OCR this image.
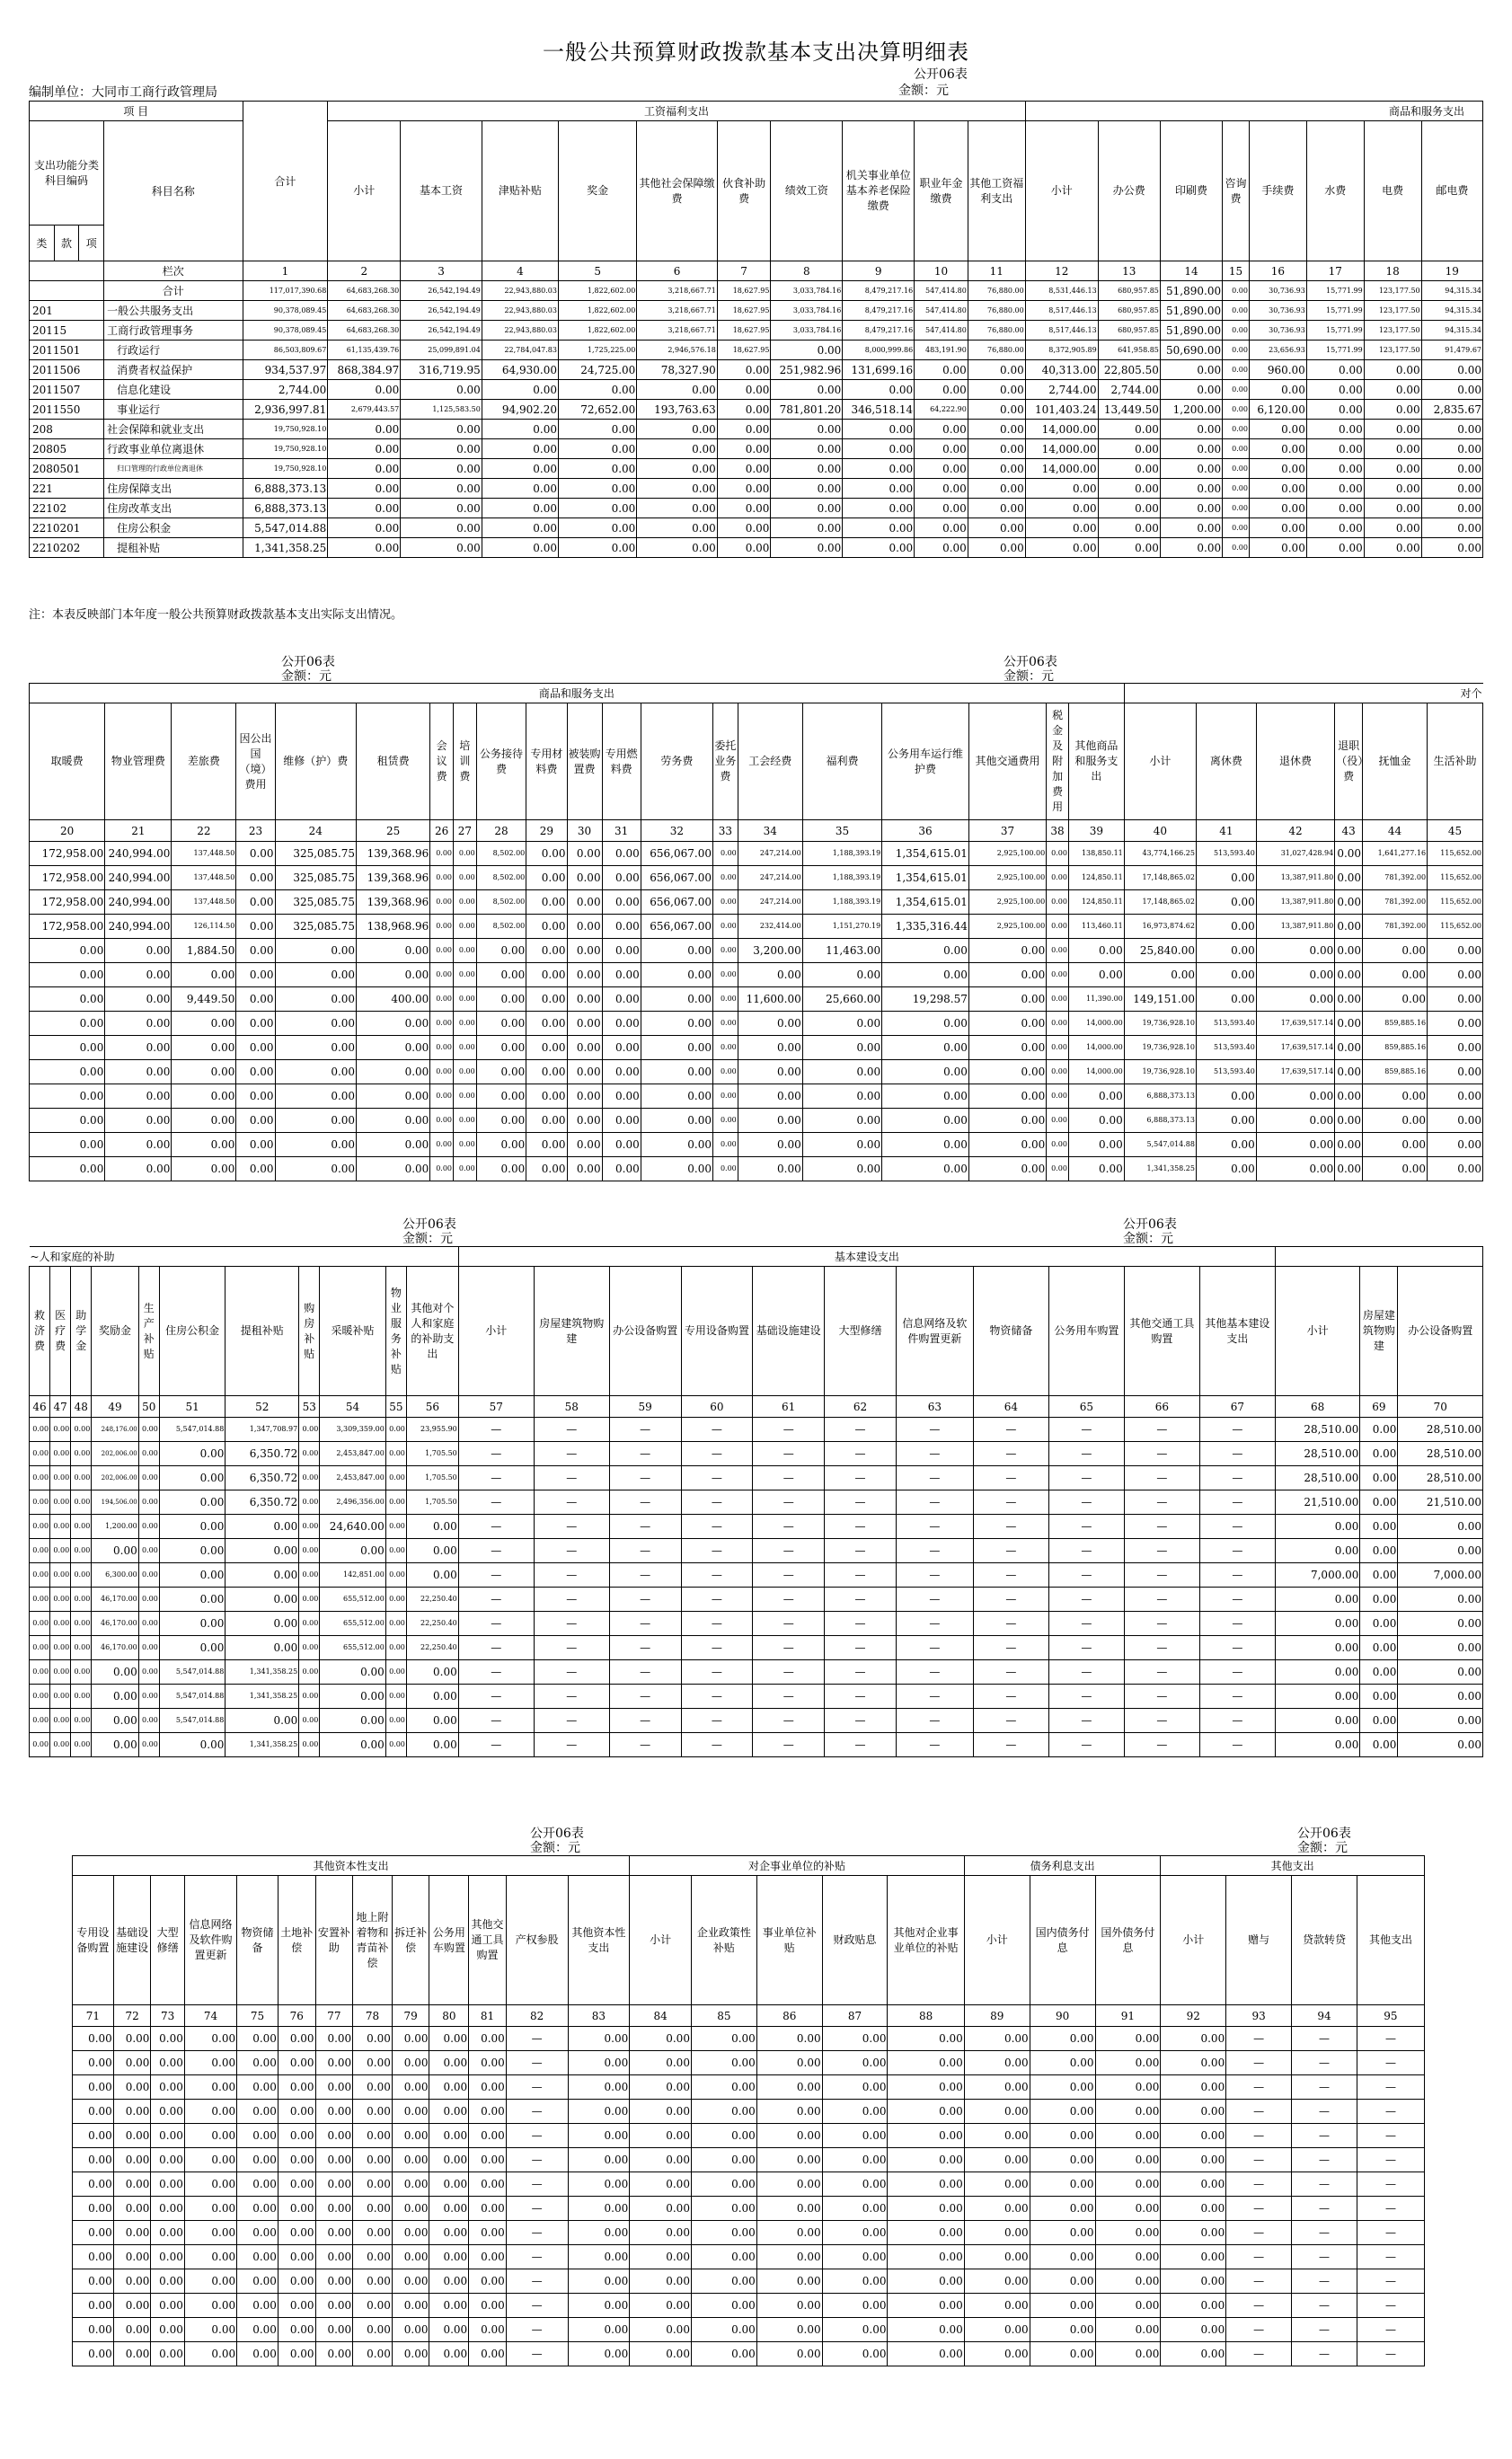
一般公共预算财政拨款基本支出决算明细表
编制单位：大同市工商行政管理局
公开06表
金额：元
项 目				合计	工资福利支出										商品和服务支出							
支出功能分类科目编码			科目名称		小计	基本工资	津贴补贴	奖金	其他社会保障缴费	伙食补助费	绩效工资	机关事业单位基本养老保险缴费	职业年金缴费	其他工资福利支出	小计	办公费	印刷费	咨询费	手续费	水费	电费	邮电费
类	款	项																				
			栏次	1	2	3	4	5	6	7	8	9	10	11	12	13	14	15	16	17	18	19
			合计	117,017,390.68	64,683,268.30	26,542,194.49	22,943,880.03	1,822,602.00	3,218,667.71	18,627.95	3,033,784.16	8,479,217.16	547,414.80	76,880.00	8,531,446.13	680,957.85	51,890.00	0.00	30,736.93	15,771.99	123,177.50	94,315.34
201			一般公共服务支出	90,378,089.45	64,683,268.30	26,542,194.49	22,943,880.03	1,822,602.00	3,218,667.71	18,627.95	3,033,784.16	8,479,217.16	547,414.80	76,880.00	8,517,446.13	680,957.85	51,890.00	0.00	30,736.93	15,771.99	123,177.50	94,315.34
20115			工商行政管理事务	90,378,089.45	64,683,268.30	26,542,194.49	22,943,880.03	1,822,602.00	3,218,667.71	18,627.95	3,033,784.16	8,479,217.16	547,414.80	76,880.00	8,517,446.13	680,957.85	51,890.00	0.00	30,736.93	15,771.99	123,177.50	94,315.34
2011501			行政运行	86,503,809.67	61,135,439.76	25,099,891.04	22,784,047.83	1,725,225.00	2,946,576.18	18,627.95	0.00	8,000,999.86	483,191.90	76,880.00	8,372,905.89	641,958.85	50,690.00	0.00	23,656.93	15,771.99	123,177.50	91,479.67
2011506			消费者权益保护	934,537.97	868,384.97	316,719.95	64,930.00	24,725.00	78,327.90	0.00	251,982.96	131,699.16	0.00	0.00	40,313.00	22,805.50	0.00	0.00	960.00	0.00	0.00	0.00
2011507			信息化建设	2,744.00	0.00	0.00	0.00	0.00	0.00	0.00	0.00	0.00	0.00	0.00	2,744.00	2,744.00	0.00	0.00	0.00	0.00	0.00	0.00
2011550			事业运行	2,936,997.81	2,679,443.57	1,125,583.50	94,902.20	72,652.00	193,763.63	0.00	781,801.20	346,518.14	64,222.90	0.00	101,403.24	13,449.50	1,200.00	0.00	6,120.00	0.00	0.00	2,835.67
208			社会保障和就业支出	19,750,928.10	0.00	0.00	0.00	0.00	0.00	0.00	0.00	0.00	0.00	0.00	14,000.00	0.00	0.00	0.00	0.00	0.00	0.00	0.00
20805			行政事业单位离退休	19,750,928.10	0.00	0.00	0.00	0.00	0.00	0.00	0.00	0.00	0.00	0.00	14,000.00	0.00	0.00	0.00	0.00	0.00	0.00	0.00
2080501			归口管理的行政单位离退休	19,750,928.10	0.00	0.00	0.00	0.00	0.00	0.00	0.00	0.00	0.00	0.00	14,000.00	0.00	0.00	0.00	0.00	0.00	0.00	0.00
221			住房保障支出	6,888,373.13	0.00	0.00	0.00	0.00	0.00	0.00	0.00	0.00	0.00	0.00	0.00	0.00	0.00	0.00	0.00	0.00	0.00	0.00
22102			住房改革支出	6,888,373.13	0.00	0.00	0.00	0.00	0.00	0.00	0.00	0.00	0.00	0.00	0.00	0.00	0.00	0.00	0.00	0.00	0.00	0.00
2210201			住房公积金	5,547,014.88	0.00	0.00	0.00	0.00	0.00	0.00	0.00	0.00	0.00	0.00	0.00	0.00	0.00	0.00	0.00	0.00	0.00	0.00
2210202			提租补贴	1,341,358.25	0.00	0.00	0.00	0.00	0.00	0.00	0.00	0.00	0.00	0.00	0.00	0.00	0.00	0.00	0.00	0.00	0.00	0.00
注：本表反映部门本年度一般公共预算财政拨款基本支出实际支出情况。
公开06表
金额：元
公开06表
金额：元
商品和服务支出																				对个					
取暖费	物业管理费	差旅费	因公出国（境）费用	维修（护）费	租赁费	会议费	培训费	公务接待费	专用材料费	被装购置费	专用燃料费	劳务费	委托业务费	工会经费	福利费	公务用车运行维护费	其他交通费用	税金及附加费用	其他商品和服务支出	小计	离休费	退休费	退职（役）费	抚恤金	生活补助
20	21	22	23	24	25	26	27	28	29	30	31	32	33	34	35	36	37	38	39	40	41	42	43	44	45
172,958.00	240,994.00	137,448.50	0.00	325,085.75	139,368.96	0.00	0.00	8,502.00	0.00	0.00	0.00	656,067.00	0.00	247,214.00	1,188,393.19	1,354,615.01	2,925,100.00	0.00	138,850.11	43,774,166.25	513,593.40	31,027,428.94	0.00	1,641,277.16	115,652.00
172,958.00	240,994.00	137,448.50	0.00	325,085.75	139,368.96	0.00	0.00	8,502.00	0.00	0.00	0.00	656,067.00	0.00	247,214.00	1,188,393.19	1,354,615.01	2,925,100.00	0.00	124,850.11	17,148,865.02	0.00	13,387,911.80	0.00	781,392.00	115,652.00
172,958.00	240,994.00	137,448.50	0.00	325,085.75	139,368.96	0.00	0.00	8,502.00	0.00	0.00	0.00	656,067.00	0.00	247,214.00	1,188,393.19	1,354,615.01	2,925,100.00	0.00	124,850.11	17,148,865.02	0.00	13,387,911.80	0.00	781,392.00	115,652.00
172,958.00	240,994.00	126,114.50	0.00	325,085.75	138,968.96	0.00	0.00	8,502.00	0.00	0.00	0.00	656,067.00	0.00	232,414.00	1,151,270.19	1,335,316.44	2,925,100.00	0.00	113,460.11	16,973,874.62	0.00	13,387,911.80	0.00	781,392.00	115,652.00
0.00	0.00	1,884.50	0.00	0.00	0.00	0.00	0.00	0.00	0.00	0.00	0.00	0.00	0.00	3,200.00	11,463.00	0.00	0.00	0.00	0.00	25,840.00	0.00	0.00	0.00	0.00	0.00
0.00	0.00	0.00	0.00	0.00	0.00	0.00	0.00	0.00	0.00	0.00	0.00	0.00	0.00	0.00	0.00	0.00	0.00	0.00	0.00	0.00	0.00	0.00	0.00	0.00	0.00
0.00	0.00	9,449.50	0.00	0.00	400.00	0.00	0.00	0.00	0.00	0.00	0.00	0.00	0.00	11,600.00	25,660.00	19,298.57	0.00	0.00	11,390.00	149,151.00	0.00	0.00	0.00	0.00	0.00
0.00	0.00	0.00	0.00	0.00	0.00	0.00	0.00	0.00	0.00	0.00	0.00	0.00	0.00	0.00	0.00	0.00	0.00	0.00	14,000.00	19,736,928.10	513,593.40	17,639,517.14	0.00	859,885.16	0.00
0.00	0.00	0.00	0.00	0.00	0.00	0.00	0.00	0.00	0.00	0.00	0.00	0.00	0.00	0.00	0.00	0.00	0.00	0.00	14,000.00	19,736,928.10	513,593.40	17,639,517.14	0.00	859,885.16	0.00
0.00	0.00	0.00	0.00	0.00	0.00	0.00	0.00	0.00	0.00	0.00	0.00	0.00	0.00	0.00	0.00	0.00	0.00	0.00	14,000.00	19,736,928.10	513,593.40	17,639,517.14	0.00	859,885.16	0.00
0.00	0.00	0.00	0.00	0.00	0.00	0.00	0.00	0.00	0.00	0.00	0.00	0.00	0.00	0.00	0.00	0.00	0.00	0.00	0.00	6,888,373.13	0.00	0.00	0.00	0.00	0.00
0.00	0.00	0.00	0.00	0.00	0.00	0.00	0.00	0.00	0.00	0.00	0.00	0.00	0.00	0.00	0.00	0.00	0.00	0.00	0.00	6,888,373.13	0.00	0.00	0.00	0.00	0.00
0.00	0.00	0.00	0.00	0.00	0.00	0.00	0.00	0.00	0.00	0.00	0.00	0.00	0.00	0.00	0.00	0.00	0.00	0.00	0.00	5,547,014.88	0.00	0.00	0.00	0.00	0.00
0.00	0.00	0.00	0.00	0.00	0.00	0.00	0.00	0.00	0.00	0.00	0.00	0.00	0.00	0.00	0.00	0.00	0.00	0.00	0.00	1,341,358.25	0.00	0.00	0.00	0.00	0.00
公开06表
金额：元
公开06表
金额：元
~人和家庭的补助											基本建设支出													
救济费	医疗费	助学金	奖励金	生产补贴	住房公积金	提租补贴	购房补贴	采暖补贴	物业服务补贴	其他对个人和家庭的补助支出	小计	房屋建筑物购建	办公设备购置	专用设备购置	基础设施建设	大型修缮	信息网络及软件购置更新	物资储备	公务用车购置	其他交通工具购置	其他基本建设支出	小计	房屋建筑物购建	办公设备购置
46	47	48	49	50	51	52	53	54	55	56	57	58	59	60	61	62	63	64	65	66	67	68	69	70
0.00	0.00	0.00	248,176.00	0.00	5,547,014.88	1,347,708.97	0.00	3,309,359.00	0.00	23,955.90	—	—	—	—	—	—	—	—	—	—	—	28,510.00	0.00	28,510.00
0.00	0.00	0.00	202,006.00	0.00	0.00	6,350.72	0.00	2,453,847.00	0.00	1,705.50	—	—	—	—	—	—	—	—	—	—	—	28,510.00	0.00	28,510.00
0.00	0.00	0.00	202,006.00	0.00	0.00	6,350.72	0.00	2,453,847.00	0.00	1,705.50	—	—	—	—	—	—	—	—	—	—	—	28,510.00	0.00	28,510.00
0.00	0.00	0.00	194,506.00	0.00	0.00	6,350.72	0.00	2,496,356.00	0.00	1,705.50	—	—	—	—	—	—	—	—	—	—	—	21,510.00	0.00	21,510.00
0.00	0.00	0.00	1,200.00	0.00	0.00	0.00	0.00	24,640.00	0.00	0.00	—	—	—	—	—	—	—	—	—	—	—	0.00	0.00	0.00
0.00	0.00	0.00	0.00	0.00	0.00	0.00	0.00	0.00	0.00	0.00	—	—	—	—	—	—	—	—	—	—	—	0.00	0.00	0.00
0.00	0.00	0.00	6,300.00	0.00	0.00	0.00	0.00	142,851.00	0.00	0.00	—	—	—	—	—	—	—	—	—	—	—	7,000.00	0.00	7,000.00
0.00	0.00	0.00	46,170.00	0.00	0.00	0.00	0.00	655,512.00	0.00	22,250.40	—	—	—	—	—	—	—	—	—	—	—	0.00	0.00	0.00
0.00	0.00	0.00	46,170.00	0.00	0.00	0.00	0.00	655,512.00	0.00	22,250.40	—	—	—	—	—	—	—	—	—	—	—	0.00	0.00	0.00
0.00	0.00	0.00	46,170.00	0.00	0.00	0.00	0.00	655,512.00	0.00	22,250.40	—	—	—	—	—	—	—	—	—	—	—	0.00	0.00	0.00
0.00	0.00	0.00	0.00	0.00	5,547,014.88	1,341,358.25	0.00	0.00	0.00	0.00	—	—	—	—	—	—	—	—	—	—	—	0.00	0.00	0.00
0.00	0.00	0.00	0.00	0.00	5,547,014.88	1,341,358.25	0.00	0.00	0.00	0.00	—	—	—	—	—	—	—	—	—	—	—	0.00	0.00	0.00
0.00	0.00	0.00	0.00	0.00	5,547,014.88	0.00	0.00	0.00	0.00	0.00	—	—	—	—	—	—	—	—	—	—	—	0.00	0.00	0.00
0.00	0.00	0.00	0.00	0.00	0.00	1,341,358.25	0.00	0.00	0.00	0.00	—	—	—	—	—	—	—	—	—	—	—	0.00	0.00	0.00
公开06表
金额：元
公开06表
金额：元
其他资本性支出													对企事业单位的补贴					债务利息支出			其他支出			
专用设备购置	基础设施建设	大型修缮	信息网络及软件购置更新	物资储备	土地补偿	安置补助	地上附着物和青苗补偿	拆迁补偿	公务用车购置	其他交通工具购置	产权参股	其他资本性支出	小计	企业政策性补贴	事业单位补贴	财政贴息	其他对企业事业单位的补贴	小计	国内债务付息	国外债务付息	小计	赠与	贷款转贷	其他支出
71	72	73	74	75	76	77	78	79	80	81	82	83	84	85	86	87	88	89	90	91	92	93	94	95
0.00	0.00	0.00	0.00	0.00	0.00	0.00	0.00	0.00	0.00	0.00	—	0.00	0.00	0.00	0.00	0.00	0.00	0.00	0.00	0.00	0.00	—	—	—
0.00	0.00	0.00	0.00	0.00	0.00	0.00	0.00	0.00	0.00	0.00	—	0.00	0.00	0.00	0.00	0.00	0.00	0.00	0.00	0.00	0.00	—	—	—
0.00	0.00	0.00	0.00	0.00	0.00	0.00	0.00	0.00	0.00	0.00	—	0.00	0.00	0.00	0.00	0.00	0.00	0.00	0.00	0.00	0.00	—	—	—
0.00	0.00	0.00	0.00	0.00	0.00	0.00	0.00	0.00	0.00	0.00	—	0.00	0.00	0.00	0.00	0.00	0.00	0.00	0.00	0.00	0.00	—	—	—
0.00	0.00	0.00	0.00	0.00	0.00	0.00	0.00	0.00	0.00	0.00	—	0.00	0.00	0.00	0.00	0.00	0.00	0.00	0.00	0.00	0.00	—	—	—
0.00	0.00	0.00	0.00	0.00	0.00	0.00	0.00	0.00	0.00	0.00	—	0.00	0.00	0.00	0.00	0.00	0.00	0.00	0.00	0.00	0.00	—	—	—
0.00	0.00	0.00	0.00	0.00	0.00	0.00	0.00	0.00	0.00	0.00	—	0.00	0.00	0.00	0.00	0.00	0.00	0.00	0.00	0.00	0.00	—	—	—
0.00	0.00	0.00	0.00	0.00	0.00	0.00	0.00	0.00	0.00	0.00	—	0.00	0.00	0.00	0.00	0.00	0.00	0.00	0.00	0.00	0.00	—	—	—
0.00	0.00	0.00	0.00	0.00	0.00	0.00	0.00	0.00	0.00	0.00	—	0.00	0.00	0.00	0.00	0.00	0.00	0.00	0.00	0.00	0.00	—	—	—
0.00	0.00	0.00	0.00	0.00	0.00	0.00	0.00	0.00	0.00	0.00	—	0.00	0.00	0.00	0.00	0.00	0.00	0.00	0.00	0.00	0.00	—	—	—
0.00	0.00	0.00	0.00	0.00	0.00	0.00	0.00	0.00	0.00	0.00	—	0.00	0.00	0.00	0.00	0.00	0.00	0.00	0.00	0.00	0.00	—	—	—
0.00	0.00	0.00	0.00	0.00	0.00	0.00	0.00	0.00	0.00	0.00	—	0.00	0.00	0.00	0.00	0.00	0.00	0.00	0.00	0.00	0.00	—	—	—
0.00	0.00	0.00	0.00	0.00	0.00	0.00	0.00	0.00	0.00	0.00	—	0.00	0.00	0.00	0.00	0.00	0.00	0.00	0.00	0.00	0.00	—	—	—
0.00	0.00	0.00	0.00	0.00	0.00	0.00	0.00	0.00	0.00	0.00	—	0.00	0.00	0.00	0.00	0.00	0.00	0.00	0.00	0.00	0.00	—	—	—
